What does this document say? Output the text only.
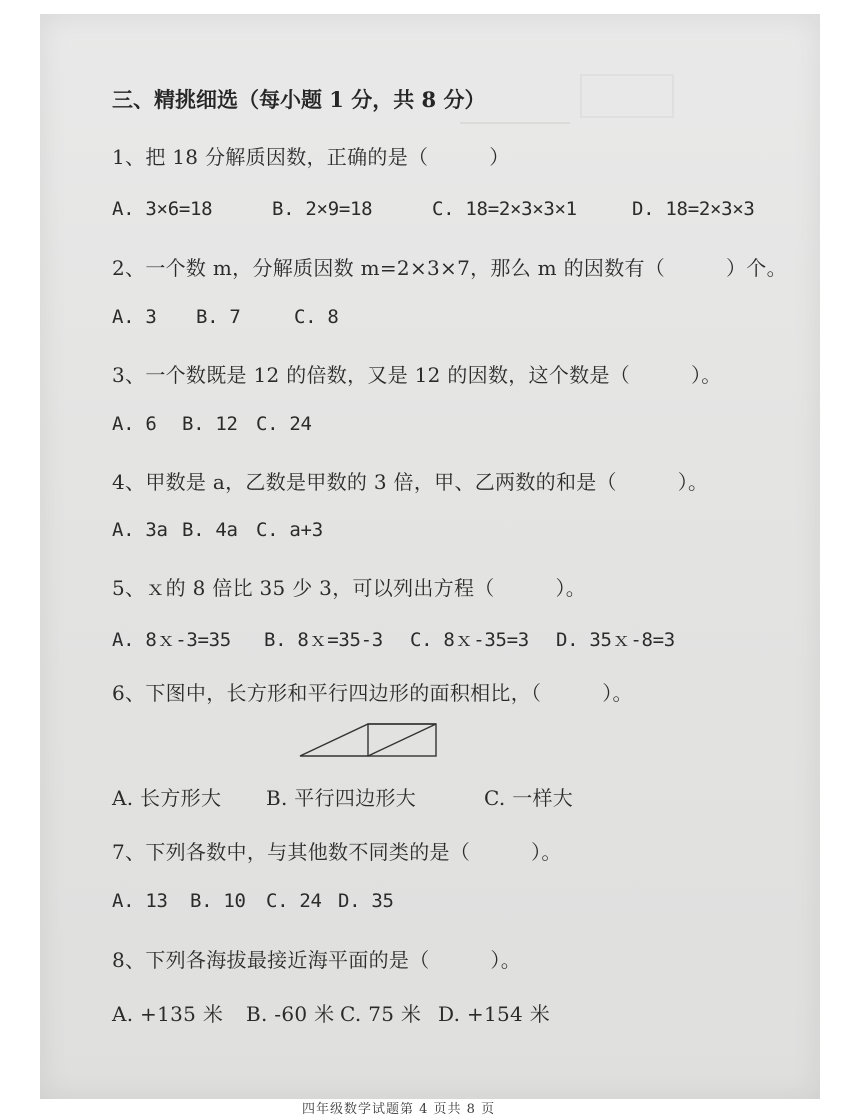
三、精挑细选（每小题 1 分，共 8 分）
1、把 18 分解质因数，正确的是（　　　）
A. 3×6=18	B. 2×9=18	C. 18=2×3×3×1	D. 18=2×3×3
2、一个数 m，分解质因数 m=2×3×7，那么 m 的因数有（　　　）个。
A. 3 B. 7	C. 8
3、一个数既是 12 的倍数，又是 12 的因数，这个数是（　　　）。
A. 6 B. 12 C. 24
4、甲数是 a，乙数是甲数的 3 倍，甲、乙两数的和是（　　　）。
A. 3a B. 4a C. a+3
5、ｘ的 8 倍比 35 少 3，可以列出方程（　　　）。
A. 8ｘ-3=35 B. 8ｘ=35-3 C. 8ｘ-35=3 D. 35ｘ-8=3
6、下图中，长方形和平行四边形的面积相比，（　　　）。
A. 长方形大 B. 平行四边形大	C. 一样大
7、下列各数中，与其他数不同类的是（　　　）。
A. 13 B. 10 C. 24 D. 35
8、下列各海拔最接近海平面的是（　　　）。
A. +135 米 B. -60 米 C. 75 米 D. +154 米
四年级数学试题第 4 页共 8 页
